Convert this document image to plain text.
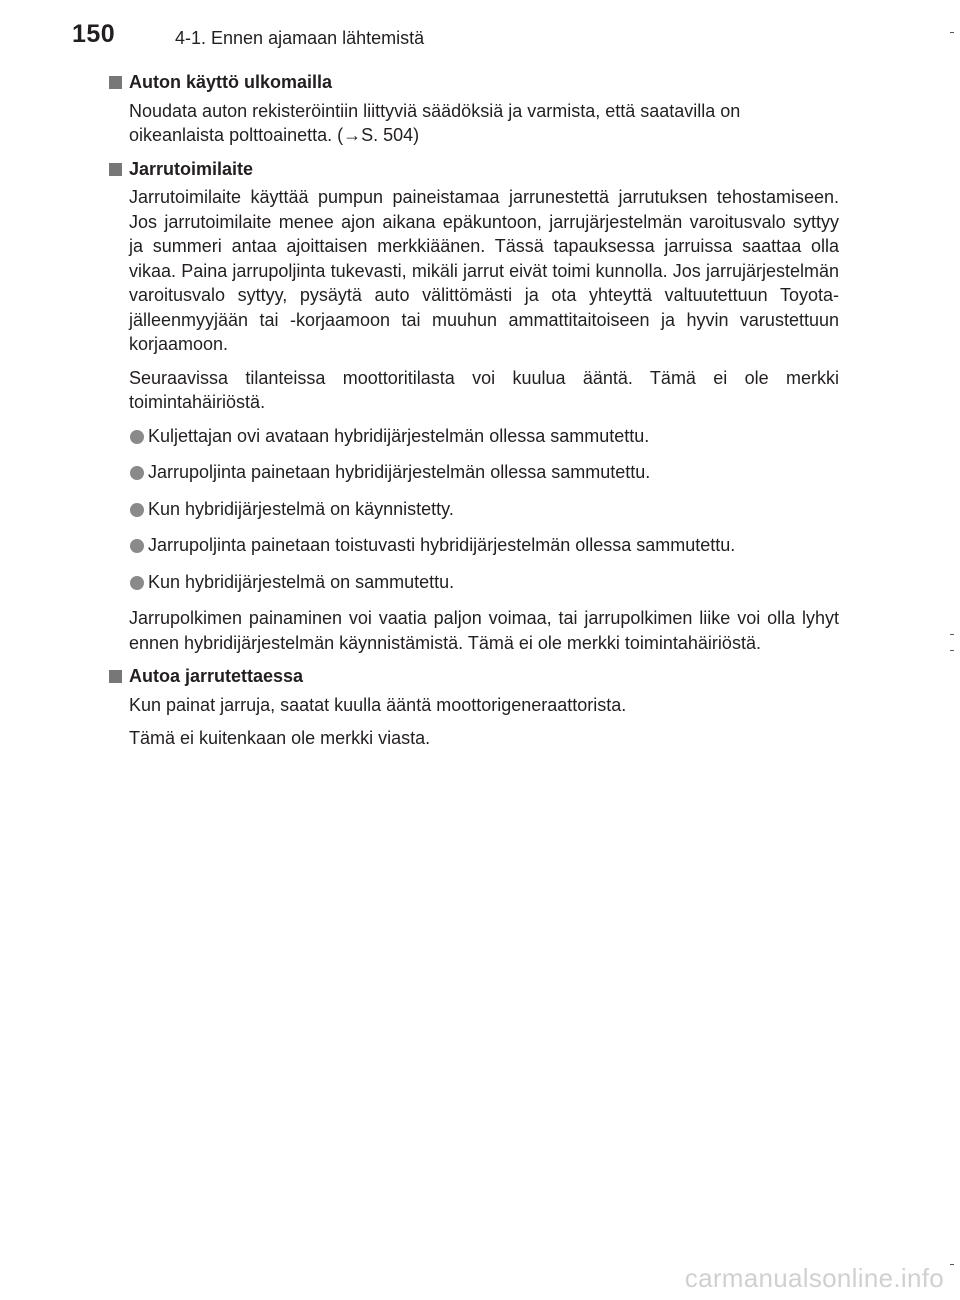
150	4-1. Ennen ajamaan lähtemistä
Auton käyttö ulkomailla

Noudata auton rekisteröintiin liittyviä säädöksiä ja varmista, että saatavilla on oikeanlaista polttoainetta. (→S. 504)

Jarrutoimilaite

Jarrutoimilaite käyttää pumpun paineistamaa jarrunestettä jarrutuksen tehostamiseen. Jos jarrutoimilaite menee ajon aikana epäkuntoon, jarrujärjestelmän varoitusvalo syttyy ja summeri antaa ajoittaisen merkkiäänen. Tässä tapauksessa jarruissa saattaa olla vikaa. Paina jarrupoljinta tukevasti, mikäli jarrut eivät toimi kunnolla. Jos jarrujärjestelmän varoitusvalo syttyy, pysäytä auto välittömästi ja ota yhteyttä valtuutettuun Toyota-jälleenmyyjään tai -korjaamoon tai muuhun ammattitaitoiseen ja hyvin varustettuun korjaamoon.

Seuraavissa tilanteissa moottoritilasta voi kuulua ääntä. Tämä ei ole merkki toimintahäiriöstä.

Kuljettajan ovi avataan hybridijärjestelmän ollessa sammutettu.
Jarrupoljinta painetaan hybridijärjestelmän ollessa sammutettu.
Kun hybridijärjestelmä on käynnistetty.
Jarrupoljinta painetaan toistuvasti hybridijärjestelmän ollessa sammutettu.
Kun hybridijärjestelmä on sammutettu.

Jarrupolkimen painaminen voi vaatia paljon voimaa, tai jarrupolkimen liike voi olla lyhyt ennen hybridijärjestelmän käynnistämistä. Tämä ei ole merkki toimintahäiriöstä.

Autoa jarrutettaessa

Kun painat jarruja, saatat kuulla ääntä moottorigeneraattorista.

Tämä ei kuitenkaan ole merkki viasta.

carmanualsonline.info
